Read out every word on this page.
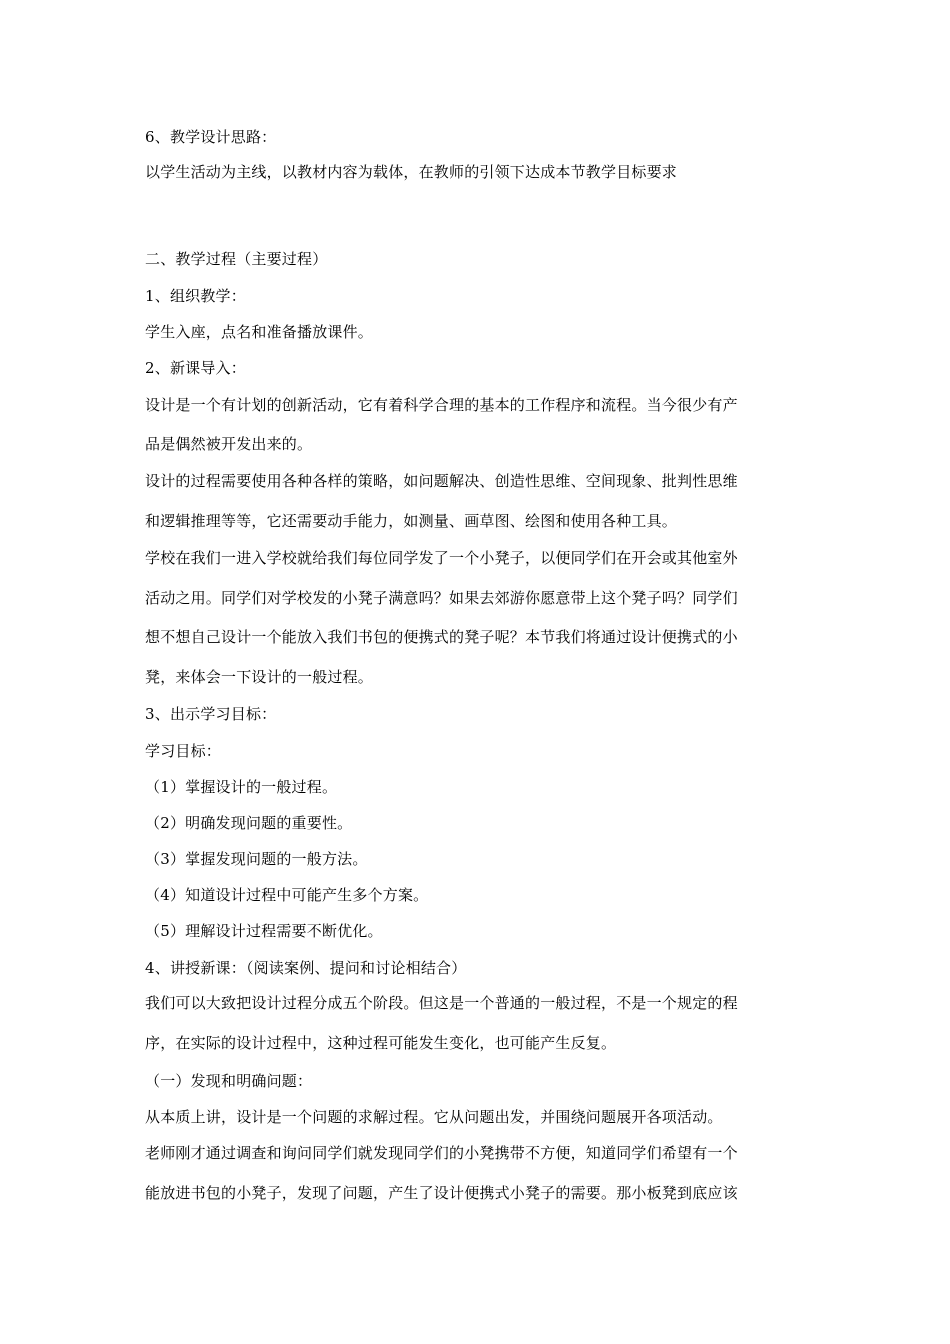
6、教学设计思路：
以学生活动为主线，以教材内容为载体，在教师的引领下达成本节教学目标要求
二、教学过程（主要过程）
1、组织教学：
学生入座，点名和准备播放课件。
2、新课导入：
设计是一个有计划的创新活动，它有着科学合理的基本的工作程序和流程。当今很少有产
品是偶然被开发出来的。
设计的过程需要使用各种各样的策略，如问题解决、创造性思维、空间现象、批判性思维
和逻辑推理等等，它还需要动手能力，如测量、画草图、绘图和使用各种工具。
学校在我们一进入学校就给我们每位同学发了一个小凳子，以便同学们在开会或其他室外
活动之用。同学们对学校发的小凳子满意吗？如果去郊游你愿意带上这个凳子吗？同学们
想不想自己设计一个能放入我们书包的便携式的凳子呢？本节我们将通过设计便携式的小
凳，来体会一下设计的一般过程。
3、出示学习目标：
学习目标：
（1）掌握设计的一般过程。
（2）明确发现问题的重要性。
（3）掌握发现问题的一般方法。
（4）知道设计过程中可能产生多个方案。
（5）理解设计过程需要不断优化。
4、讲授新课：（阅读案例、提问和讨论相结合）
我们可以大致把设计过程分成五个阶段。但这是一个普通的一般过程，不是一个规定的程
序，在实际的设计过程中，这种过程可能发生变化，也可能产生反复。
（一）发现和明确问题：
从本质上讲，设计是一个问题的求解过程。它从问题出发，并围绕问题展开各项活动。
老师刚才通过调查和询问同学们就发现同学们的小凳携带不方便，知道同学们希望有一个
能放进书包的小凳子，发现了问题，产生了设计便携式小凳子的需要。那小板凳到底应该
